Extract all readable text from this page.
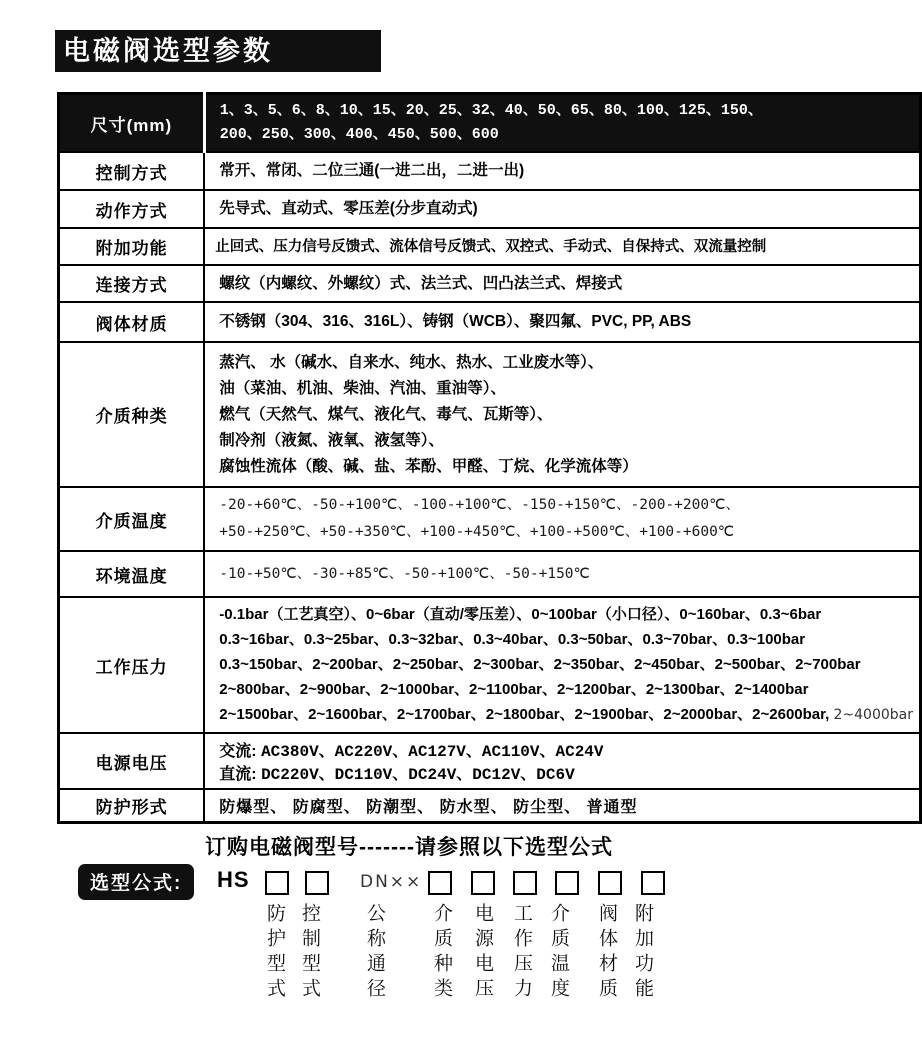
电磁阀选型参数
尺寸(mm)	1、3、5、6、8、10、15、20、25、32、40、50、65、80、100、125、150、
200、250、300、400、450、500、600

控制方式	常开、常闭、二位三通(一进二出，二进一出)

动作方式	先导式、直动式、零压差(分步直动式)

附加功能	止回式、压力信号反馈式、流体信号反馈式、双控式、手动式、自保持式、双流量控制

连接方式	螺纹（内螺纹、外螺纹）式、法兰式、凹凸法兰式、焊接式

阀体材质	不锈钢（304、316、316L）、铸钢（WCB）、聚四氟、PVC, PP, ABS

介质种类	蒸汽、 水（碱水、自来水、纯水、热水、工业废水等）、
油（菜油、机油、柴油、汽油、重油等）、
燃气（天然气、煤气、液化气、毒气、瓦斯等）、
制冷剂（液氮、液氧、液氢等）、
腐蚀性流体（酸、碱、盐、苯酚、甲醛、丁烷、化学流体等）

介质温度	-20-+60℃、-50-+100℃、-100-+100℃、-150-+150℃、-200-+200℃、
+50-+250℃、+50-+350℃、+100-+450℃、+100-+500℃、+100-+600℃

环境温度	-10-+50℃、-30-+85℃、-50-+100℃、-50-+150℃

工作压力	-0.1bar（工艺真空）、0~6bar（直动/零压差）、0~100bar（小口径）、0~160bar、0.3~6bar
0.3~16bar、0.3~25bar、0.3~32bar、0.3~40bar、0.3~50bar、0.3~70bar、0.3~100bar
0.3~150bar、2~200bar、2~250bar、2~300bar、2~350bar、2~450bar、2~500bar、2~700bar
2~800bar、2~900bar、2~1000bar、2~1100bar、2~1200bar、2~1300bar、2~1400bar
2~1500bar、2~1600bar、2~1700bar、2~1800bar、2~1900bar、2~2000bar、2~2600bar, 2~4000bar

电源电压	交流: AC380V、AC220V、AC127V、AC110V、AC24V
直流: DC220V、DC110V、DC24V、DC12V、DC6V

防护形式	防爆型、 防腐型、 防潮型、 防水型、 防尘型、 普通型
订购电磁阀型号-------请参照以下选型公式
选型公式:	HS	DN××
防护型式 控制型式 公称通径 介质种类 电源电压 工作压力 介质温度 阀体材质 附加功能
